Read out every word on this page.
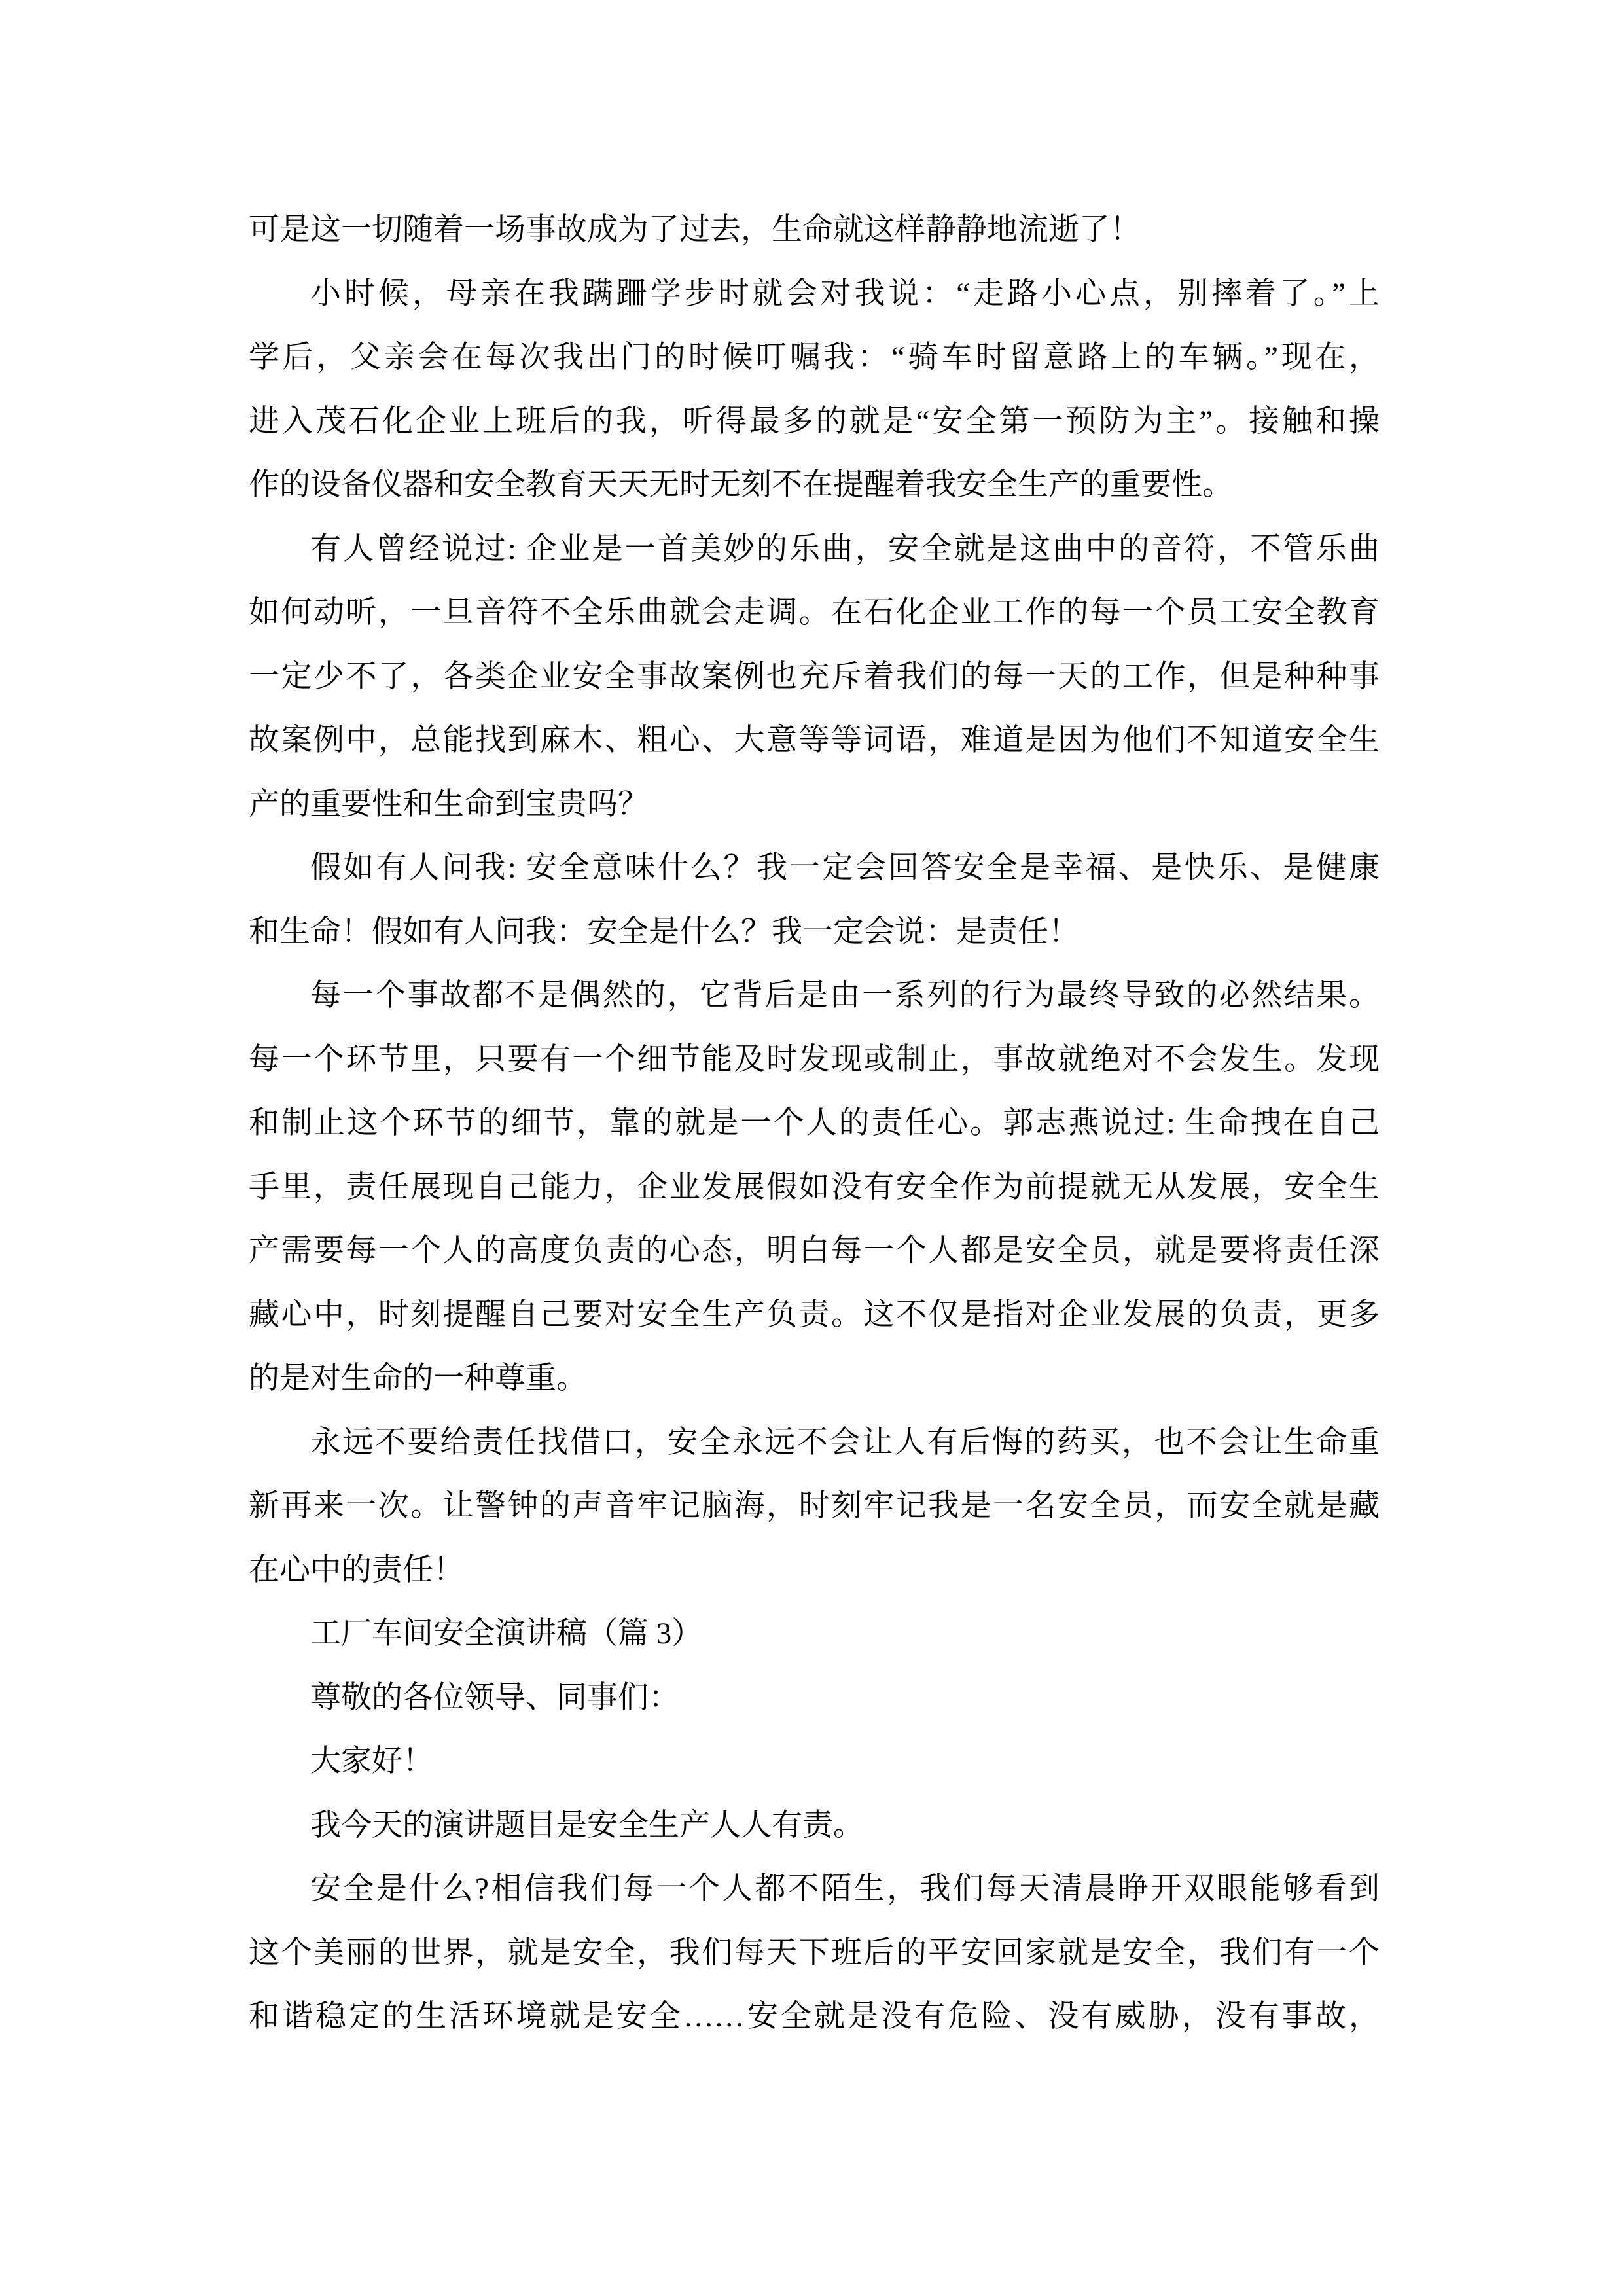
可是这一切随着一场事故成为了过去，生命就这样静静地流逝了！
小时候，母亲在我蹒跚学步时就会对我说：“走路小心点，别摔着了。”上
学后，父亲会在每次我出门的时候叮嘱我：“骑车时留意路上的车辆。”现在，
进入茂石化企业上班后的我，听得最多的就是“安全第一预防为主”。接触和操
作的设备仪器和安全教育天天无时无刻不在提醒着我安全生产的重要性。
有人曾经说过: 企业是一首美妙的乐曲，安全就是这曲中的音符，不管乐曲
如何动听，一旦音符不全乐曲就会走调。在石化企业工作的每一个员工安全教育
一定少不了，各类企业安全事故案例也充斥着我们的每一天的工作，但是种种事
故案例中，总能找到麻木、粗心、大意等等词语，难道是因为他们不知道安全生
产的重要性和生命到宝贵吗？
假如有人问我: 安全意味什么？我一定会回答安全是幸福、是快乐、是健康
和生命！假如有人问我：安全是什么？我一定会说：是责任！
每一个事故都不是偶然的，它背后是由一系列的行为最终导致的必然结果。
每一个环节里，只要有一个细节能及时发现或制止，事故就绝对不会发生。发现
和制止这个环节的细节，靠的就是一个人的责任心。郭志燕说过: 生命拽在自己
手里，责任展现自己能力，企业发展假如没有安全作为前提就无从发展，安全生
产需要每一个人的高度负责的心态，明白每一个人都是安全员，就是要将责任深
藏心中，时刻提醒自己要对安全生产负责。这不仅是指对企业发展的负责，更多
的是对生命的一种尊重。
永远不要给责任找借口，安全永远不会让人有后悔的药买，也不会让生命重
新再来一次。让警钟的声音牢记脑海，时刻牢记我是一名安全员，而安全就是藏
在心中的责任！
工厂车间安全演讲稿（篇 3）
尊敬的各位领导、同事们：
大家好！
我今天的演讲题目是安全生产人人有责。
安全是什么?相信我们每一个人都不陌生，我们每天清晨睁开双眼能够看到
这个美丽的世界，就是安全，我们每天下班后的平安回家就是安全，我们有一个
和谐稳定的生活环境就是安全……安全就是没有危险、没有威胁，没有事故，
